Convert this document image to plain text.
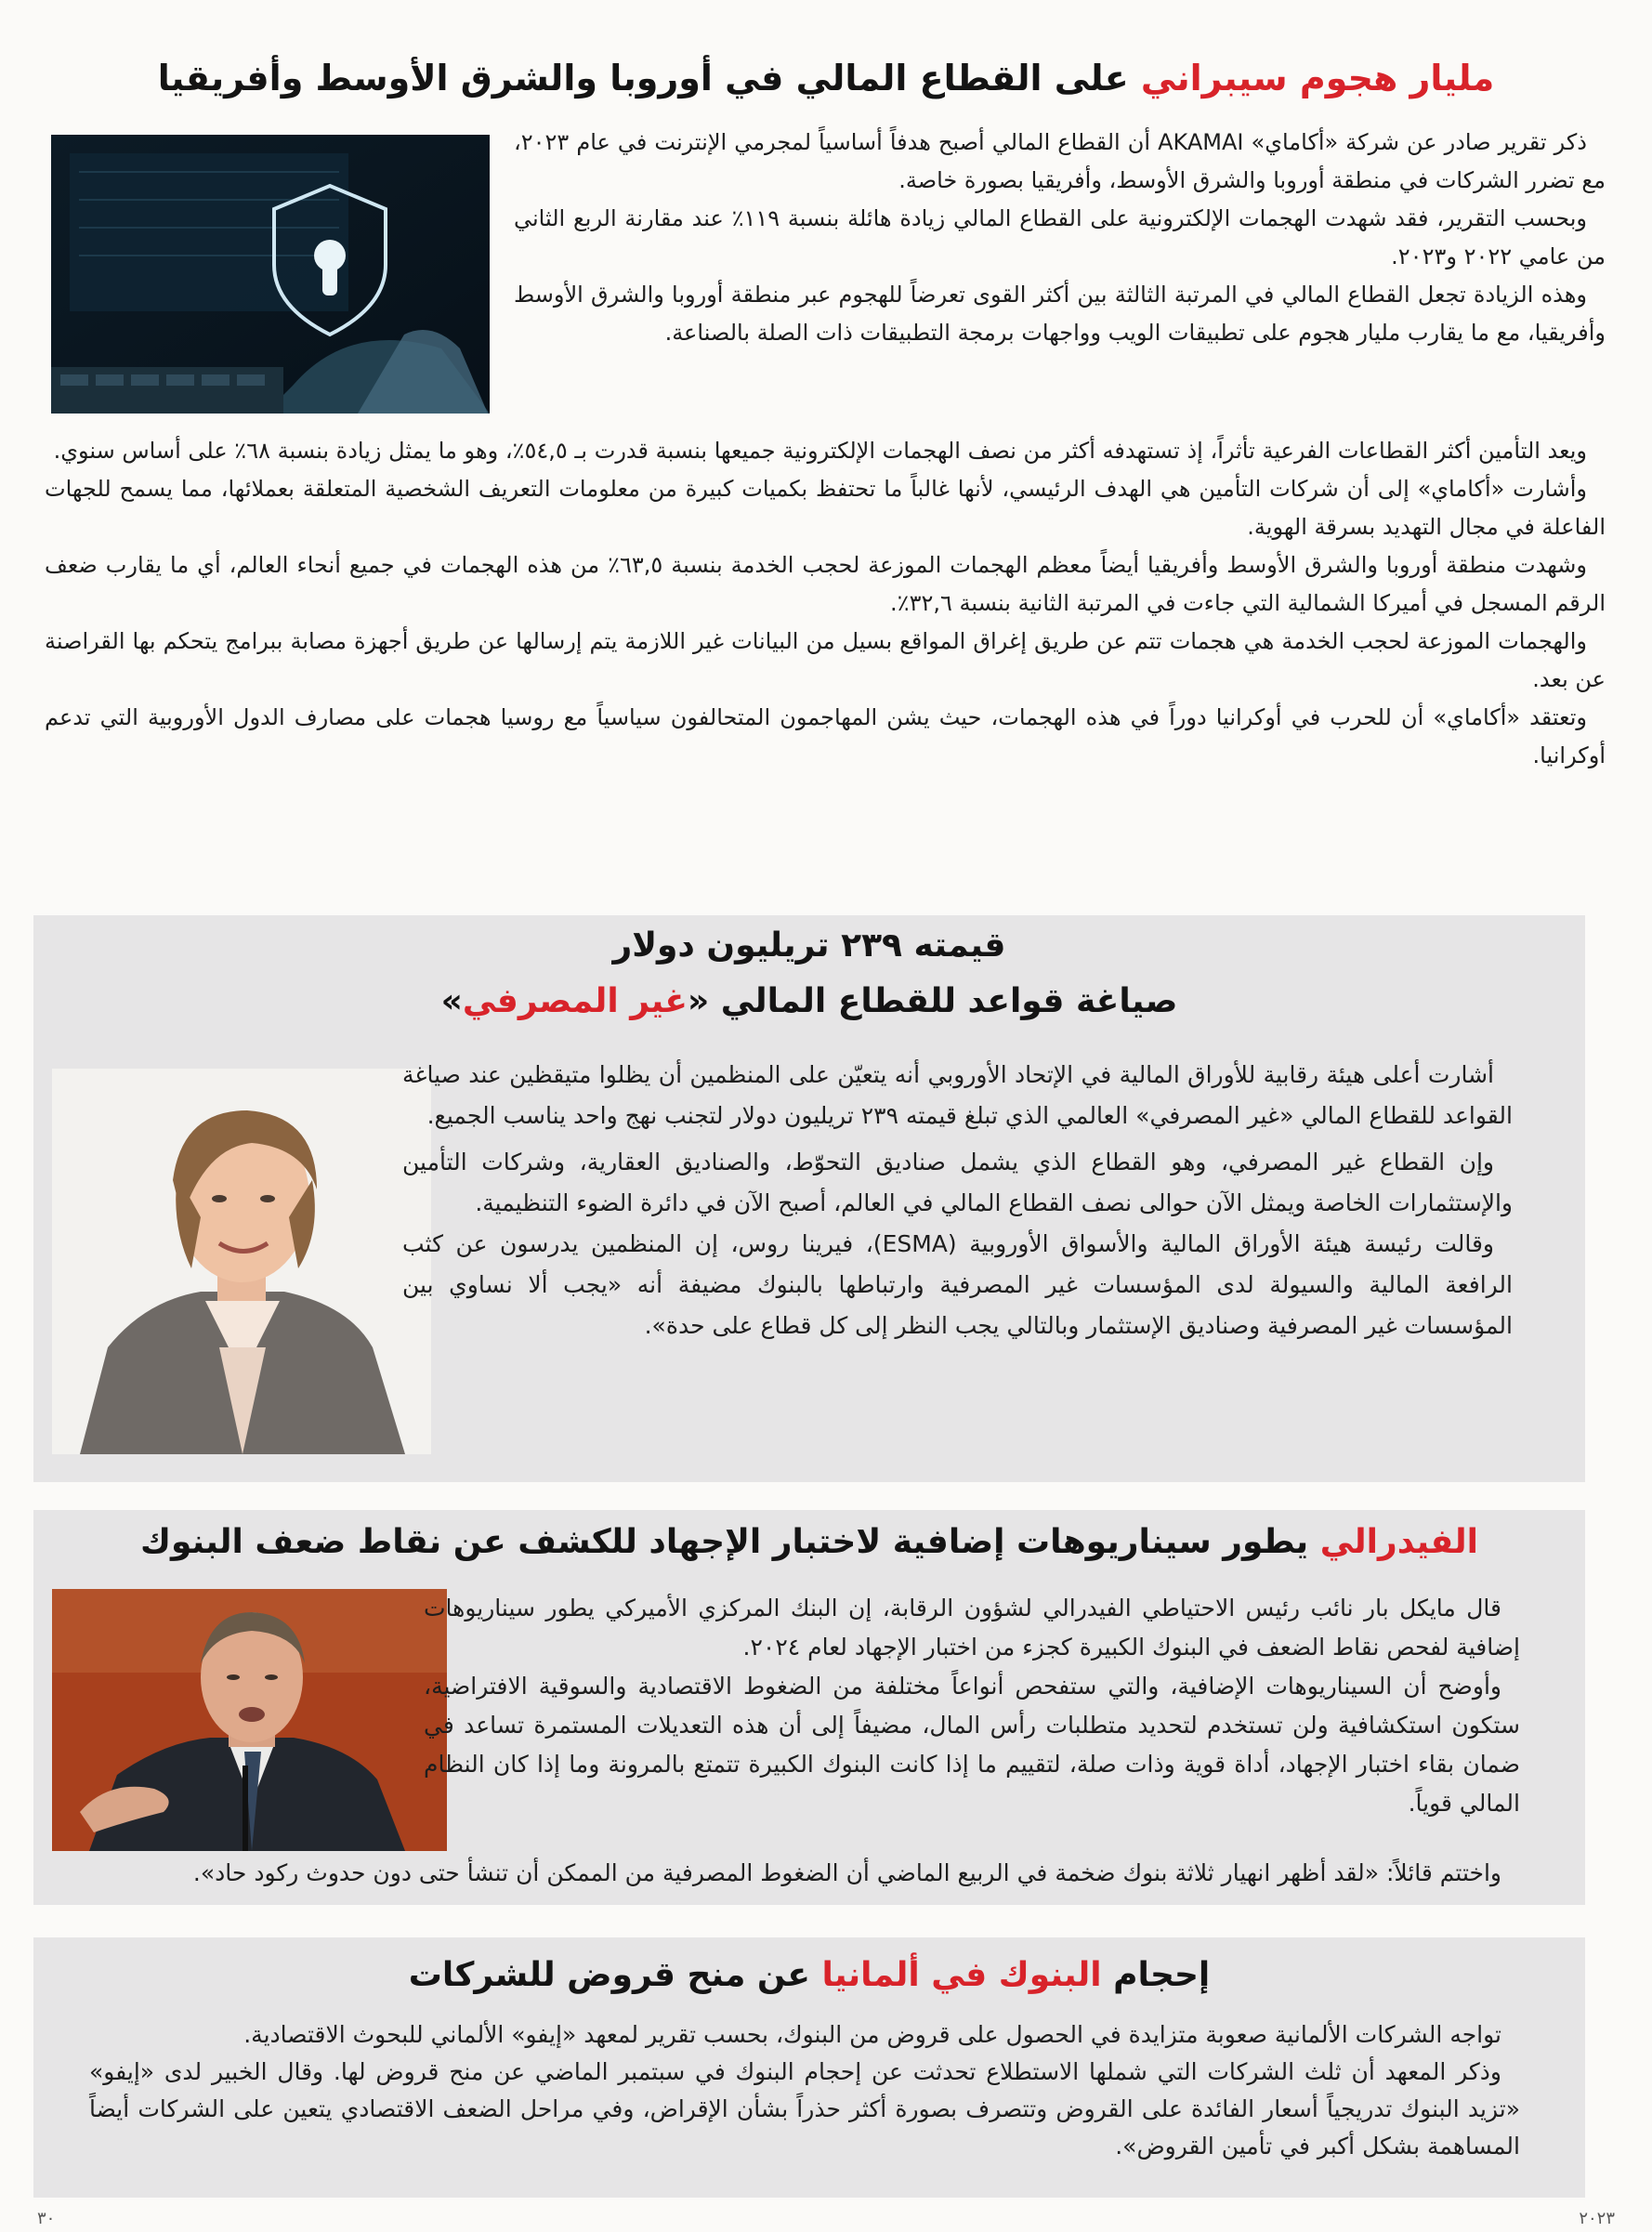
مليار هجوم سيبراني على القطاع المالي في أوروبا والشرق الأوسط وأفريقيا

ذكر تقرير صادر عن شركة «أكاماي» AKAMAI أن القطاع المالي أصبح هدفاً أساسياً لمجرمي الإنترنت في عام ٢٠٢٣، مع تضرر الشركات في منطقة أوروبا والشرق الأوسط، وأفريقيا بصورة خاصة.

وبحسب التقرير، فقد شهدت الهجمات الإلكترونية على القطاع المالي زيادة هائلة بنسبة ١١٩٪ عند مقارنة الربع الثاني من عامي ٢٠٢٢ و٢٠٢٣.

وهذه الزيادة تجعل القطاع المالي في المرتبة الثالثة بين أكثر القوى تعرضاً للهجوم عبر منطقة أوروبا والشرق الأوسط وأفريقيا، مع ما يقارب مليار هجوم على تطبيقات الويب وواجهات برمجة التطبيقات ذات الصلة بالصناعة.

ويعد التأمين أكثر القطاعات الفرعية تأثراً، إذ تستهدفه أكثر من نصف الهجمات الإلكترونية جميعها بنسبة قدرت بـ ٥٤,٥٪، وهو ما يمثل زيادة بنسبة ٦٨٪ على أساس سنوي.

وأشارت «أكاماي» إلى أن شركات التأمين هي الهدف الرئيسي، لأنها غالباً ما تحتفظ بكميات كبيرة من معلومات التعريف الشخصية المتعلقة بعملائها، مما يسمح للجهات الفاعلة في مجال التهديد بسرقة الهوية.

وشهدت منطقة أوروبا والشرق الأوسط وأفريقيا أيضاً معظم الهجمات الموزعة لحجب الخدمة بنسبة ٦٣,٥٪ من هذه الهجمات في جميع أنحاء العالم، أي ما يقارب ضعف الرقم المسجل في أميركا الشمالية التي جاءت في المرتبة الثانية بنسبة ٣٢,٦٪.

والهجمات الموزعة لحجب الخدمة هي هجمات تتم عن طريق إغراق المواقع بسيل من البيانات غير اللازمة يتم إرسالها عن طريق أجهزة مصابة ببرامج يتحكم بها القراصنة عن بعد.

وتعتقد «أكاماي» أن للحرب في أوكرانيا دوراً في هذه الهجمات، حيث يشن المهاجمون المتحالفون سياسياً مع روسيا هجمات على مصارف الدول الأوروبية التي تدعم أوكرانيا.

قيمته ٢٣٩ تريليون دولار
صياغة قواعد للقطاع المالي «غير المصرفي»

أشارت أعلى هيئة رقابية للأوراق المالية في الإتحاد الأوروبي أنه يتعيّن على المنظمين أن يظلوا متيقظين عند صياغة القواعد للقطاع المالي «غير المصرفي» العالمي الذي تبلغ قيمته ٢٣٩ تريليون دولار لتجنب نهج واحد يناسب الجميع.

وإن القطاع غير المصرفي، وهو القطاع الذي يشمل صناديق التحوّط، والصناديق العقارية، وشركات التأمين والإستثمارات الخاصة ويمثل الآن حوالى نصف القطاع المالي في العالم، أصبح الآن في دائرة الضوء التنظيمية.

وقالت رئيسة هيئة الأوراق المالية والأسواق الأوروبية (ESMA)، فيرينا روس، إن المنظمين يدرسون عن كثب الرافعة المالية والسيولة لدى المؤسسات غير المصرفية وارتباطها بالبنوك مضيفة أنه «يجب ألا نساوي بين المؤسسات غير المصرفية وصناديق الإستثمار وبالتالي يجب النظر إلى كل قطاع على حدة».

الفيدرالي يطور سيناريوهات إضافية لاختبار الإجهاد للكشف عن نقاط ضعف البنوك

قال مايكل بار نائب رئيس الاحتياطي الفيدرالي لشؤون الرقابة، إن البنك المركزي الأميركي يطور سيناريوهات إضافية لفحص نقاط الضعف في البنوك الكبيرة كجزء من اختبار الإجهاد لعام ٢٠٢٤.

وأوضح أن السيناريوهات الإضافية، والتي ستفحص أنواعاً مختلفة من الضغوط الاقتصادية والسوقية الافتراضية، ستكون استكشافية ولن تستخدم لتحديد متطلبات رأس المال، مضيفاً إلى أن هذه التعديلات المستمرة تساعد في ضمان بقاء اختبار الإجهاد، أداة قوية وذات صلة، لتقييم ما إذا كانت البنوك الكبيرة تتمتع بالمرونة وما إذا كان النظام المالي قوياً.

واختتم قائلاً: «لقد أظهر انهيار ثلاثة بنوك ضخمة في الربيع الماضي أن الضغوط المصرفية من الممكن أن تنشأ حتى دون حدوث ركود حاد».

إحجام البنوك في ألمانيا عن منح قروض للشركات

تواجه الشركات الألمانية صعوبة متزايدة في الحصول على قروض من البنوك، بحسب تقرير لمعهد «إيفو» الألماني للبحوث الاقتصادية.

وذكر المعهد أن ثلث الشركات التي شملها الاستطلاع تحدثت عن إحجام البنوك في سبتمبر الماضي عن منح قروض لها. وقال الخبير لدى «إيفو» «تزيد البنوك تدريجياً أسعار الفائدة على القروض وتتصرف بصورة أكثر حذراً بشأن الإقراض، وفي مراحل الضعف الاقتصادي يتعين على الشركات أيضاً المساهمة بشكل أكبر في تأمين القروض».

٢٠٢٣
٣٠
